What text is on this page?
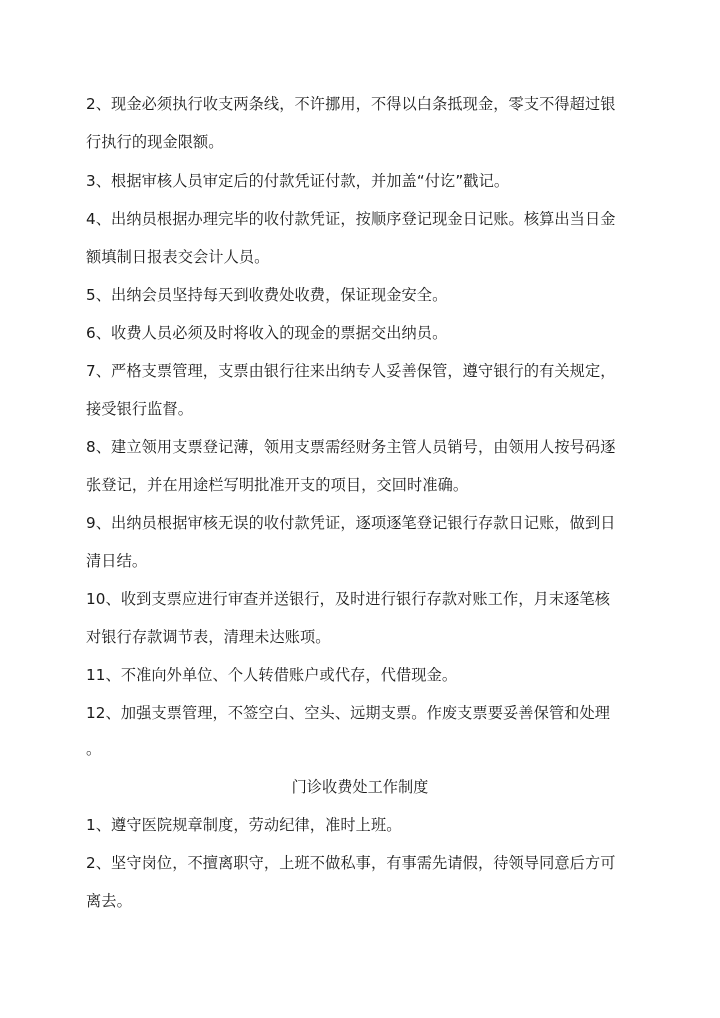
2、现金必须执行收支两条线，不许挪用，不得以白条抵现金，零支不得超过银
行执行的现金限额。
3、根据审核人员审定后的付款凭证付款，并加盖“付讫”戳记。
4、出纳员根据办理完毕的收付款凭证，按顺序登记现金日记账。核算出当日金
额填制日报表交会计人员。
5、出纳会员坚持每天到收费处收费，保证现金安全。
6、收费人员必须及时将收入的现金的票据交出纳员。
7、严格支票管理，支票由银行往来出纳专人妥善保管，遵守银行的有关规定，
接受银行监督。
8、建立领用支票登记薄，领用支票需经财务主管人员销号，由领用人按号码逐
张登记，并在用途栏写明批准开支的项目，交回时准确。
9、出纳员根据审核无误的收付款凭证，逐项逐笔登记银行存款日记账，做到日
清日结。
10、收到支票应进行审查并送银行，及时进行银行存款对账工作，月末逐笔核
对银行存款调节表，清理未达账项。
11、不准向外单位、个人转借账户或代存，代借现金。
12、加强支票管理，不签空白、空头、远期支票。作废支票要妥善保管和处理
。
门诊收费处工作制度
1、遵守医院规章制度，劳动纪律，准时上班。
2、坚守岗位，不擅离职守，上班不做私事，有事需先请假，待领导同意后方可
离去。
